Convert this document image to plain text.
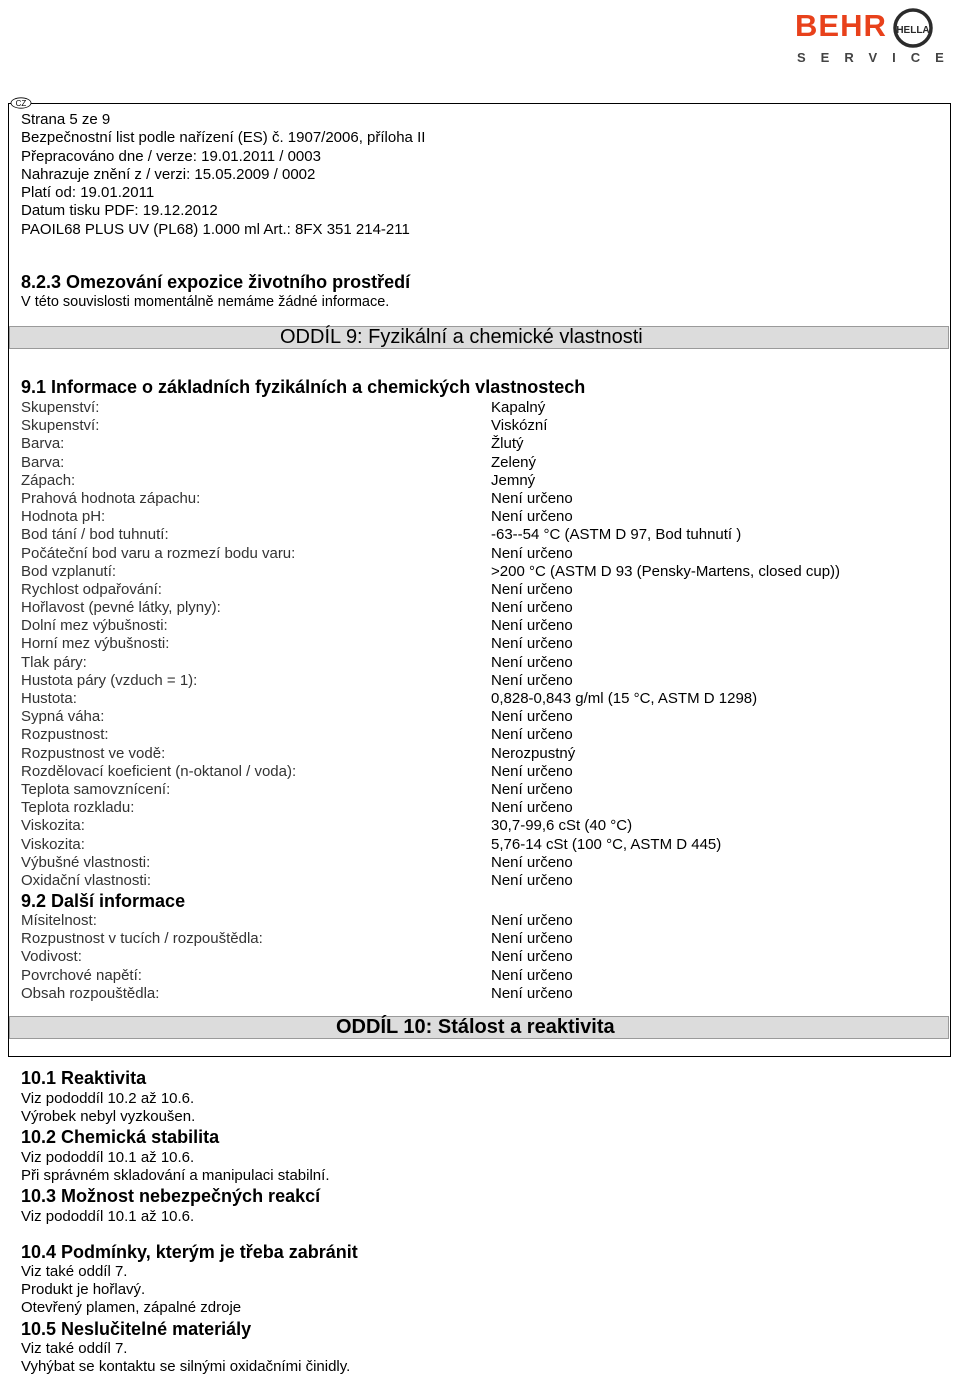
BEHR
SERVICE
HELLA
CZ
Strana 5 ze 9
Bezpečnostní list podle nařízení (ES) č. 1907/2006, příloha II
Přepracováno dne / verze: 19.01.2011 / 0003
Nahrazuje znění z / verzi: 15.05.2009 / 0002
Platí od: 19.01.2011
Datum tisku PDF: 19.12.2012
PAOIL68 PLUS UV (PL68) 1.000 ml Art.: 8FX 351 214-211
8.2.3 Omezování expozice životního prostředí
V této souvislosti momentálně nemáme žádné informace.
ODDÍL 9: Fyzikální a chemické vlastnosti
9.1 Informace o základních fyzikálních a chemických vlastnostech
Skupenství:	Kapalný
Skupenství:	Viskózní
Barva:	Žlutý
Barva:	Zelený
Zápach:	Jemný
Prahová hodnota zápachu:	Není určeno
Hodnota pH:	Není určeno
Bod tání / bod tuhnutí:	-63--54 °C (ASTM D 97, Bod tuhnutí )
Počáteční bod varu a rozmezí bodu varu:	Není určeno
Bod vzplanutí:	>200 °C (ASTM D 93 (Pensky-Martens, closed cup))
Rychlost odpařování:	Není určeno
Hořlavost (pevné látky, plyny):	Není určeno
Dolní mez výbušnosti:	Není určeno
Horní mez výbušnosti:	Není určeno
Tlak páry:	Není určeno
Hustota páry (vzduch = 1):	Není určeno
Hustota:	0,828-0,843 g/ml (15 °C, ASTM D 1298)
Sypná váha:	Není určeno
Rozpustnost:	Není určeno
Rozpustnost ve vodě:	Nerozpustný
Rozdělovací koeficient (n-oktanol / voda):	Není určeno
Teplota samovznícení:	Není určeno
Teplota rozkladu:	Není určeno
Viskozita:	30,7-99,6 cSt (40 °C)
Viskozita:	5,76-14 cSt (100 °C, ASTM D 445)
Výbušné vlastnosti:	Není určeno
Oxidační vlastnosti:	Není určeno
9.2 Další informace
Mísitelnost:	Není určeno
Rozpustnost v tucích / rozpouštědla:	Není určeno
Vodivost:	Není určeno
Povrchové napětí:	Není určeno
Obsah rozpouštědla:	Není určeno
ODDÍL 10: Stálost a reaktivita
10.1 Reaktivita
Viz pododdíl 10.2 až 10.6.
Výrobek nebyl vyzkoušen.
10.2 Chemická stabilita
Viz pododdíl 10.1 až 10.6.
Při správném skladování a manipulaci stabilní.
10.3 Možnost nebezpečných reakcí
Viz pododdíl 10.1 až 10.6.
10.4 Podmínky, kterým je třeba zabránit
Viz také oddíl 7.
Produkt je hořlavý.
Otevřený plamen, zápalné zdroje
10.5 Neslučitelné materiály
Viz také oddíl 7.
Vyhýbat se kontaktu se silnými oxidačními činidly.
